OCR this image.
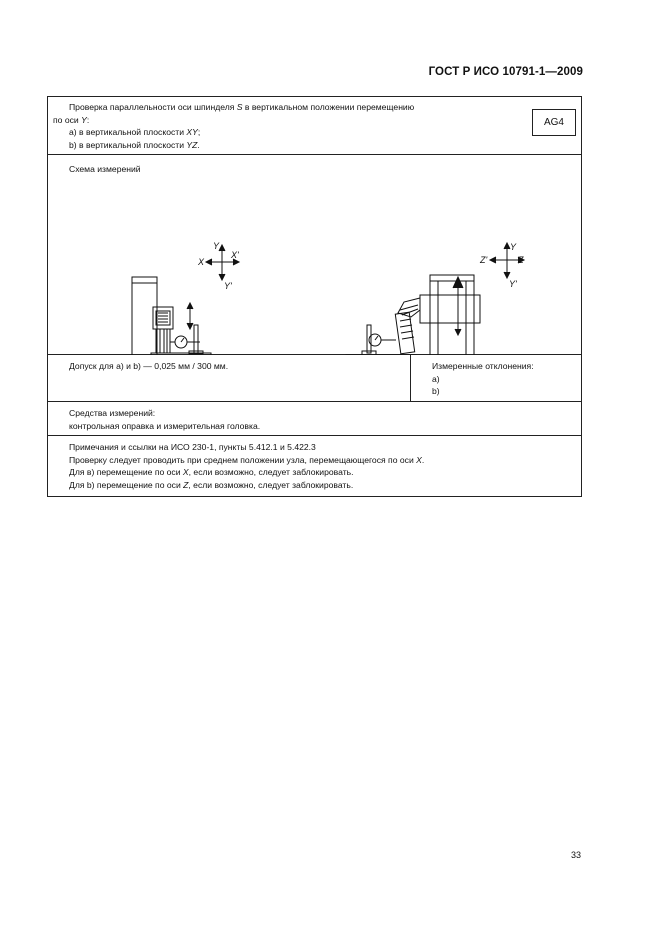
ГОСТ Р ИСО 10791-1—2009
Проверка параллельности оси шпинделя S в вертикальном положении перемещению
по оси Y:
а) в вертикальной плоскости XY;
b) в вертикальной плоскости YZ.
AG4
Схема измерений
Y
X
X'
Y'
Y
Z'	Z
Y'
Допуск для а) и b) — 0,025 мм / 300 мм.	Измеренные отклонения:
а)
b)
Средства измерений:
контрольная оправка и измерительная головка.
Примечания и ссылки на ИСО 230-1, пункты 5.412.1 и 5.422.3
Проверку следует проводить при среднем положении узла, перемещающегося по оси X.
Для в) перемещение по оси X, если возможно, следует заблокировать.
Для b) перемещение по оси Z, если возможно, следует заблокировать.
33
